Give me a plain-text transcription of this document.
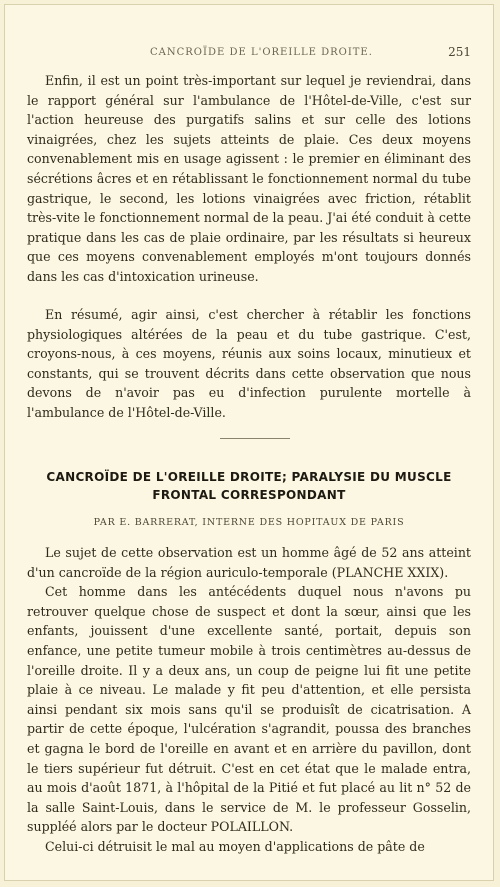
CANCROÏDE DE L'OREILLE DROITE.	251

Enfin, il est un point très-important sur lequel je reviendrai, dans le rapport général sur l'ambulance de l'Hôtel-de-Ville, c'est sur l'action heureuse des purgatifs salins et sur celle des lotions vinaigrées, chez les sujets atteints de plaie. Ces deux moyens convenablement mis en usage agissent : le premier en éliminant des sécrétions âcres et en rétablissant le fonctionnement normal du tube gastrique, le second, les lotions vinaigrées avec friction, rétablit très-vite le fonctionnement normal de la peau. J'ai été conduit à cette pratique dans les cas de plaie ordinaire, par les résultats si heureux que ces moyens convenablement employés m'ont toujours donnés dans les cas d'intoxication urineuse.

En résumé, agir ainsi, c'est chercher à rétablir les fonctions physiologiques altérées de la peau et du tube gastrique. C'est, croyons-nous, à ces moyens, réunis aux soins locaux, minutieux et constants, qui se trouvent décrits dans cette observation que nous devons de n'avoir pas eu d'infection purulente mortelle à l'ambulance de l'Hôtel-de-Ville.

CANCROÏDE DE L'OREILLE DROITE; PARALYSIE DU MUSCLE
FRONTAL CORRESPONDANT
PAR E. BARRERAT, INTERNE DES HOPITAUX DE PARIS

Le sujet de cette observation est un homme âgé de 52 ans atteint d'un cancroïde de la région auriculo-temporale (PLANCHE XXIX).

Cet homme dans les antécédents duquel nous n'avons pu retrouver quelque chose de suspect et dont la sœur, ainsi que les enfants, jouissent d'une excellente santé, portait, depuis son enfance, une petite tumeur mobile à trois centimètres au-dessus de l'oreille droite. Il y a deux ans, un coup de peigne lui fit une petite plaie à ce niveau. Le malade y fit peu d'attention, et elle persista ainsi pendant six mois sans qu'il se produisît de cicatrisation. A partir de cette époque, l'ulcération s'agrandit, poussa des branches et gagna le bord de l'oreille en avant et en arrière du pavillon, dont le tiers supérieur fut détruit. C'est en cet état que le malade entra, au mois d'août 1871, à l'hôpital de la Pitié et fut placé au lit n° 52 de la salle Saint-Louis, dans le service de M. le professeur Gosselin, suppléé alors par le docteur POLAILLON.

Celui-ci détruisit le mal au moyen d'applications de pâte de
